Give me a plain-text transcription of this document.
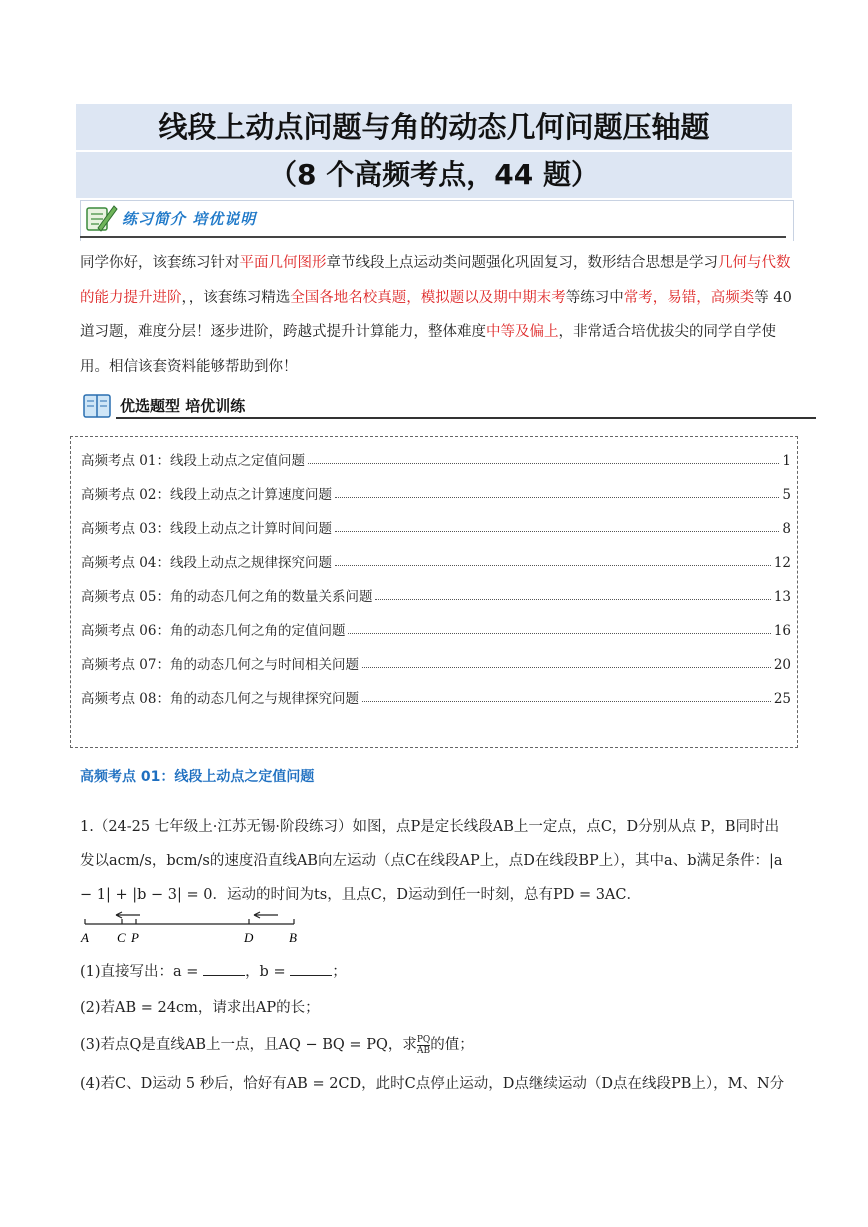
线段上动点问题与角的动态几何问题压轴题
（8 个高频考点，44 题）
练习简介 培优说明
同学你好，该套练习针对平面几何图形章节线段上点运动类问题强化巩固复习，数形结合思想是学习几何与代数的能力提升进阶，，该套练习精选全国各地名校真题，模拟题以及期中期末考等练习中常考，易错，高频类等 40 道习题，难度分层！逐步进阶，跨越式提升计算能力，整体难度中等及偏上，非常适合培优拔尖的同学自学使用。相信该套资料能够帮助到你！
优选题型 培优训练
高频考点 01：线段上动点之定值问题	1
高频考点 02：线段上动点之计算速度问题	5
高频考点 03：线段上动点之计算时间问题	8
高频考点 04：线段上动点之规律探究问题	12
高频考点 05：角的动态几何之角的数量关系问题	13
高频考点 06：角的动态几何之角的定值问题	16
高频考点 07：角的动态几何之与时间相关问题	20
高频考点 08：角的动态几何之与规律探究问题	25
高频考点 01：线段上动点之定值问题
1.（24-25 七年级上·江苏无锡·阶段练习）如图，点P是定长线段AB上一定点，点C，D分别从点 P，B同时出发以acm/s，bcm/s的速度沿直线AB向左运动（点C在线段AP上，点D在线段BP上），其中a、b满足条件：|a − 1| + |b − 3| = 0．运动的时间为ts，且点C，D运动到任一时刻，总有PD = 3AC．
A C P	D	B
(1)直接写出：a =	，b =	；
(2)若AB = 24cm，请求出AP的长；
(3)若点Q是直线AB上一点，且AQ − BQ = PQ，求 $\frac{PQ}{AB}$ 的值；
(4)若C、D运动 5 秒后，恰好有AB = 2CD，此时C点停止运动，D点继续运动（D点在线段PB上），M、N分
